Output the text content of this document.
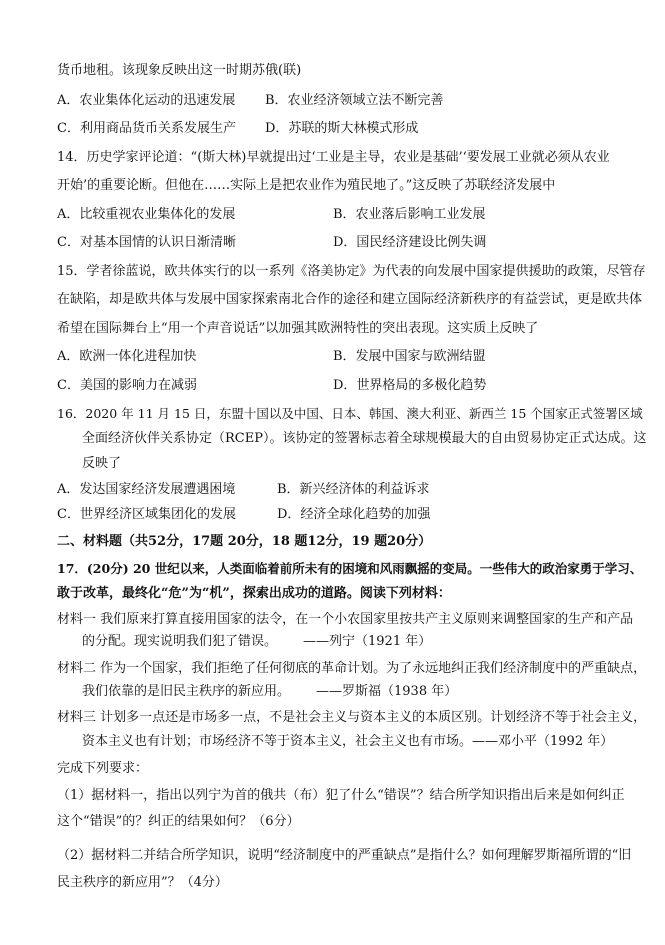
货币地租。该现象反映出这一时期苏俄(联)
A．农业集体化运动的迅速发展 B．农业经济领域立法不断完善
C．利用商品货币关系发展生产 D．苏联的斯大林模式形成
14．历史学家评论道：“(斯大林)早就提出过‘工业是主导，农业是基础’‘要发展工业就必须从农业
开始’的重要论断。但他在……实际上是把农业作为殖民地了。”这反映了苏联经济发展中
A．比较重视农业集体化的发展	B．农业落后影响工业发展
C．对基本国情的认识日渐清晰	D．国民经济建设比例失调
15．学者徐蓝说，欧共体实行的以一系列《洛美协定》为代表的向发展中国家提供援助的政策，尽管存
在缺陷，却是欧共体与发展中国家探索南北合作的途径和建立国际经济新秩序的有益尝试，更是欧共体
希望在国际舞台上“用一个声音说话”以加强其欧洲特性的突出表现。这实质上反映了
A．欧洲一体化进程加快	B．发展中国家与欧洲结盟
C．美国的影响力在减弱	D．世界格局的多极化趋势
16．2020 年 11 月 15 日，东盟十国以及中国、日本、韩国、澳大利亚、新西兰 15 个国家正式签署区域
全面经济伙伴关系协定（RCEP）。该协定的签署标志着全球规模最大的自由贸易协定正式达成。这
反映了
A．发达国家经济发展遭遇困境	B．新兴经济体的利益诉求
C．世界经济区域集团化的发展	D．经济全球化趋势的加强
二、材料题（共52分，17题 20分，18 题12分，19 题20分）
17．(20分) 20 世纪以来，人类面临着前所未有的困境和风雨飘摇的变局。一些伟大的政治家勇于学习、
敢于改革，最终化“危”为“机”，探索出成功的道路。阅读下列材料：
材料一 我们原来打算直接用国家的法令，在一个小农国家里按共产主义原则来调整国家的生产和产品
的分配。现实说明我们犯了错误。 ——列宁（1921 年）
材料二 作为一个国家，我们拒绝了任何彻底的革命计划。为了永远地纠正我们经济制度中的严重缺点，
我们依靠的是旧民主秩序的新应用。 ——罗斯福（1938 年）
材料三 计划多一点还是市场多一点，不是社会主义与资本主义的本质区别。计划经济不等于社会主义，
资本主义也有计划；市场经济不等于资本主义，社会主义也有市场。——邓小平（1992 年）
完成下列要求：
（1）据材料一，指出以列宁为首的俄共（布）犯了什么“错误”？结合所学知识指出后来是如何纠正
这个“错误”的？纠正的结果如何？（6分）
（2）据材料二并结合所学知识，说明“经济制度中的严重缺点”是指什么？如何理解罗斯福所谓的“旧
民主秩序的新应用”？（4分）
